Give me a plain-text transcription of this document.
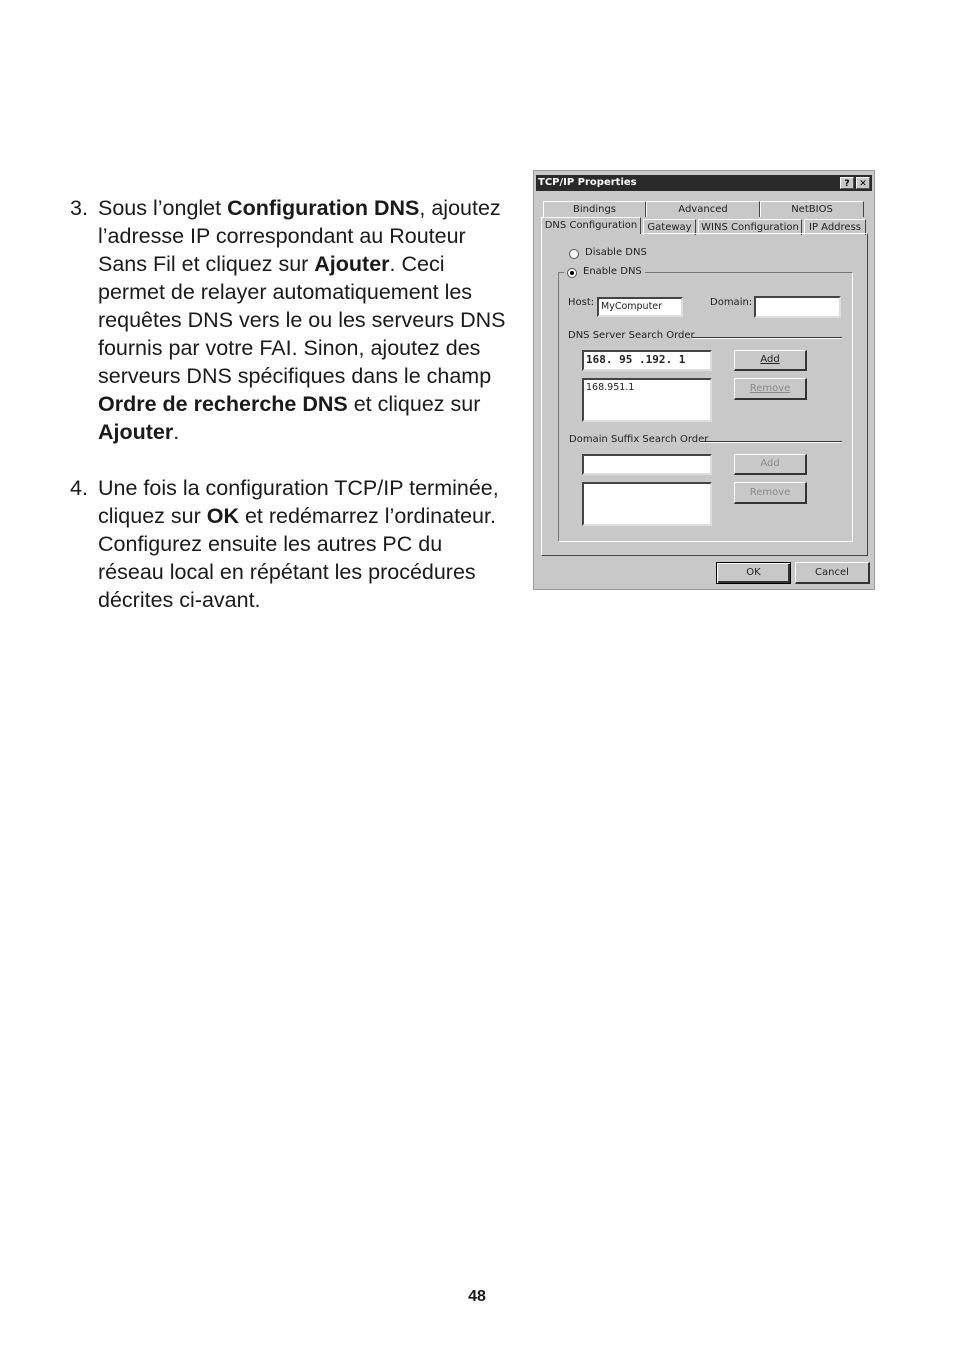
3. Sous l’onglet Configuration DNS, ajoutez l’adresse IP correspondant au Routeur Sans Fil et cliquez sur Ajouter. Ceci permet de relayer automatiquement les requêtes DNS vers le ou les serveurs DNS fournis par votre FAI. Sinon, ajoutez des serveurs DNS spécifiques dans le champ Ordre de recherche DNS et cliquez sur Ajouter.
4. Une fois la configuration TCP/IP terminée, cliquez sur OK et redémarrez l’ordinateur. Configurez ensuite les autres PC du réseau local en répétant les procédures décrites ci-avant.
TCP/IP Properties	?	✕
Bindings	Advanced	NetBIOS
DNS Configuration	Gateway WINS Configuration	IP Address
Disable DNS
Enable DNS
Host: MyComputer	Domain:
DNS Server Search Order
168. 95 .192. 1	Add
168.951.1	Remove
Domain Suffix Search Order
Add
Remove
OK	Cancel
48
